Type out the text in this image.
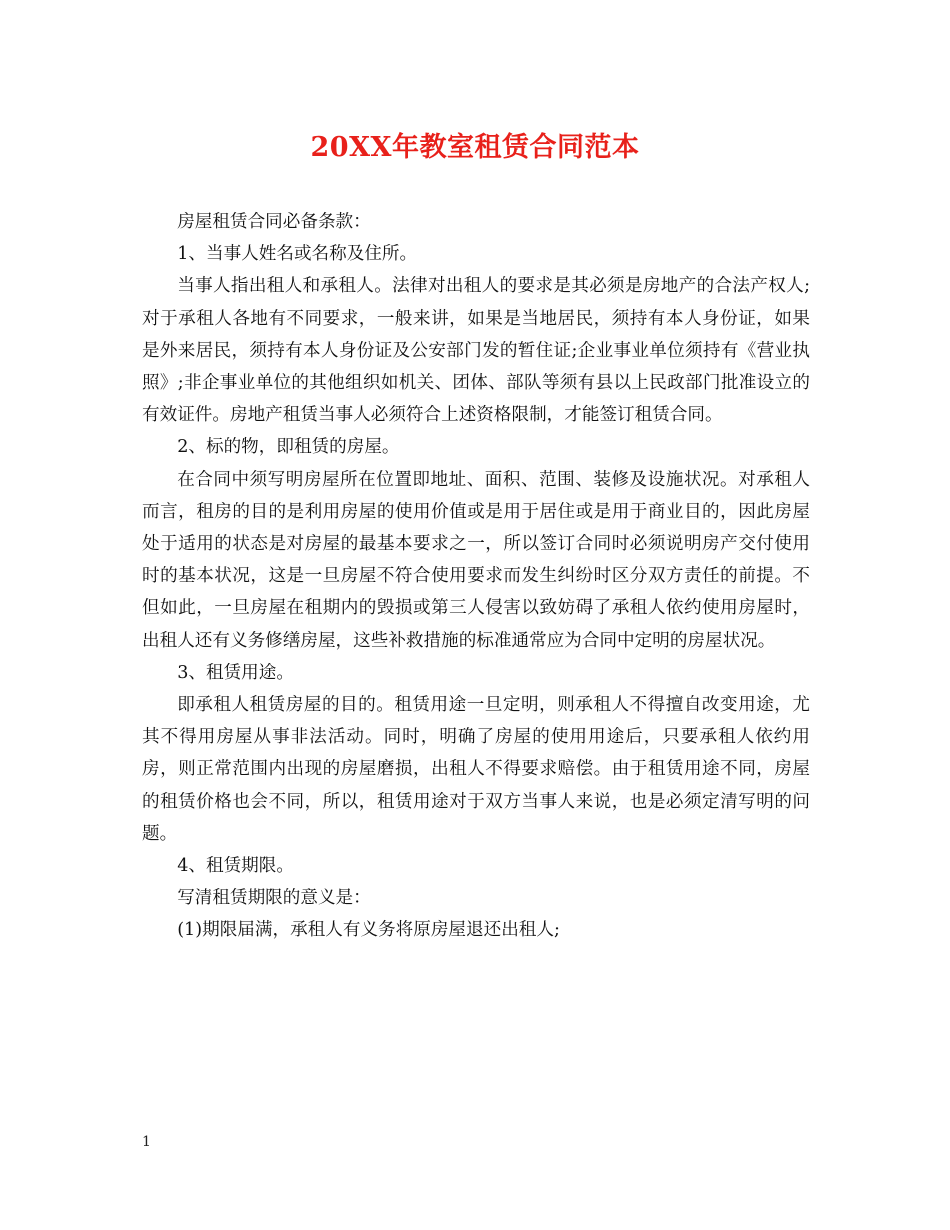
20XX年教室租赁合同范本

房屋租赁合同必备条款：

1、当事人姓名或名称及住所。

当事人指出租人和承租人。法律对出租人的要求是其必须是房地产的合法产权人;对于承租人各地有不同要求，一般来讲，如果是当地居民，须持有本人身份证，如果是外来居民，须持有本人身份证及公安部门发的暂住证;企业事业单位须持有《营业执照》;非企事业单位的其他组织如机关、团体、部队等须有县以上民政部门批准设立的有效证件。房地产租赁当事人必须符合上述资格限制，才能签订租赁合同。

2、标的物，即租赁的房屋。

在合同中须写明房屋所在位置即地址、面积、范围、装修及设施状况。对承租人而言，租房的目的是利用房屋的使用价值或是用于居住或是用于商业目的，因此房屋处于适用的状态是对房屋的最基本要求之一，所以签订合同时必须说明房产交付使用时的基本状况，这是一旦房屋不符合使用要求而发生纠纷时区分双方责任的前提。不但如此，一旦房屋在租期内的毁损或第三人侵害以致妨碍了承租人依约使用房屋时，出租人还有义务修缮房屋，这些补救措施的标准通常应为合同中定明的房屋状况。

3、租赁用途。

即承租人租赁房屋的目的。租赁用途一旦定明，则承租人不得擅自改变用途，尤其不得用房屋从事非法活动。同时，明确了房屋的使用用途后，只要承租人依约用房，则正常范围内出现的房屋磨损，出租人不得要求赔偿。由于租赁用途不同，房屋的租赁价格也会不同，所以，租赁用途对于双方当事人来说，也是必须定清写明的问题。

4、租赁期限。

写清租赁期限的意义是：

(1)期限届满，承租人有义务将原房屋退还出租人;

1
